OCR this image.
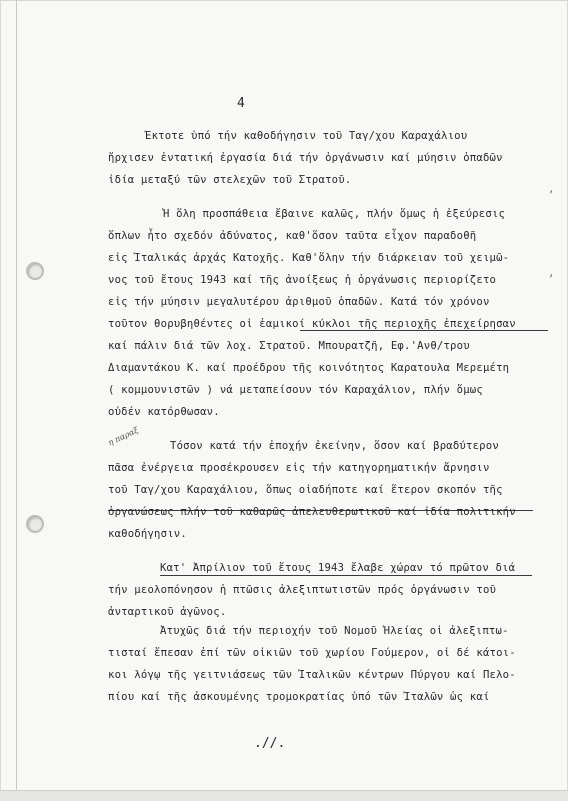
,
,
4
Έκτοτε ὑπό τήν καθοδήγησιν τοῦ Ταγ/χου Καραχάλιου
ἤρχισεν ἐντατική ἐργασία διά τήν ὀργάνωσιν καί μύησιν ὁπαδῶν
ἰδία μεταξύ τῶν στελεχῶν τοῦ Στρατοῦ.
Ἡ ὅλη προσπάθεια ἔβαινε καλῶς, πλήν ὅμως ἡ ἐξεύρεσις
ὅπλων ἦτο σχεδόν ἀδύνατος, καθ'ὅσον ταῦτα εἶχον παραδοθῆ
εἰς Ἰταλικάς ἀρχάς Κατοχῆς. Καθ'ὅλην τήν διάρκειαν τοῦ χειμῶ-
νος τοῦ ἔτους 1943 καί τῆς ἀνοίξεως ἡ ὀργάνωσις περιορίζετο
εἰς τήν μύησιν μεγαλυτέρου ἀριθμοῦ ὁπαδῶν. Κατά τόν χρόνον
τοῦτον θορυβηθέντες οἱ ἐαμικοί κύκλοι τῆς περιοχῆς ἐπεχείρησαν
καί πάλιν διά τῶν λοχ. Στρατοῦ. Μπουρατζῆ, Εφ.'Ανθ/τρου
Διαμαντάκου Κ. καί προέδρου τῆς κοινότητος Καρατουλα Μερεμέτη
( κομμουνιστῶν ) νά μεταπείσουν τόν Καραχάλιον, πλήν ὅμως
οὐδέν κατόρθωσαν.
η παραξ	Τόσον κατά τήν ἐποχήν ἐκείνην, ὅσον καί βραδύτερον
πᾶσα ἐνέργεια προσέκρουσεν εἰς τήν κατηγορηματικήν ἄρνησιν
τοῦ Ταγ/χου Καραχάλιου, ὅπως οἱαδήποτε καί ἕτερον σκοπόν τῆς
ὀργανώσεως πλήν τοῦ καθαρῶς ἀπελευθερωτικοῦ καί ἰδία πολιτικήν
καθοδήγησιν.
Κατ' Ἀπρίλιον τοῦ ἔτους 1943 ἔλαβε χώραν τό πρῶτον διά
τήν μεολοπόνησον ἡ πτῶσις ἀλεξιπτωτιστῶν πρός ὀργάνωσιν τοῦ
ἀνταρτικοῦ ἀγῶνος.
Ἀτυχῶς διά τήν περιοχήν τοῦ Νομοῦ Ἠλείας οἱ ἀλεξιπτω-
τισταί ἔπεσαν ἐπί τῶν οἰκιῶν τοῦ χωρίου Γούμερον, οἱ δέ κάτοι-
κοι λόγῳ τῆς γειτνιάσεως τῶν Ἰταλικῶν κέντρων Πύργου καί Πελο-
πίου καί τῆς ἀσκουμένης τρομοκρατίας ὑπό τῶν Ἰταλῶν ὡς καί
.//.
